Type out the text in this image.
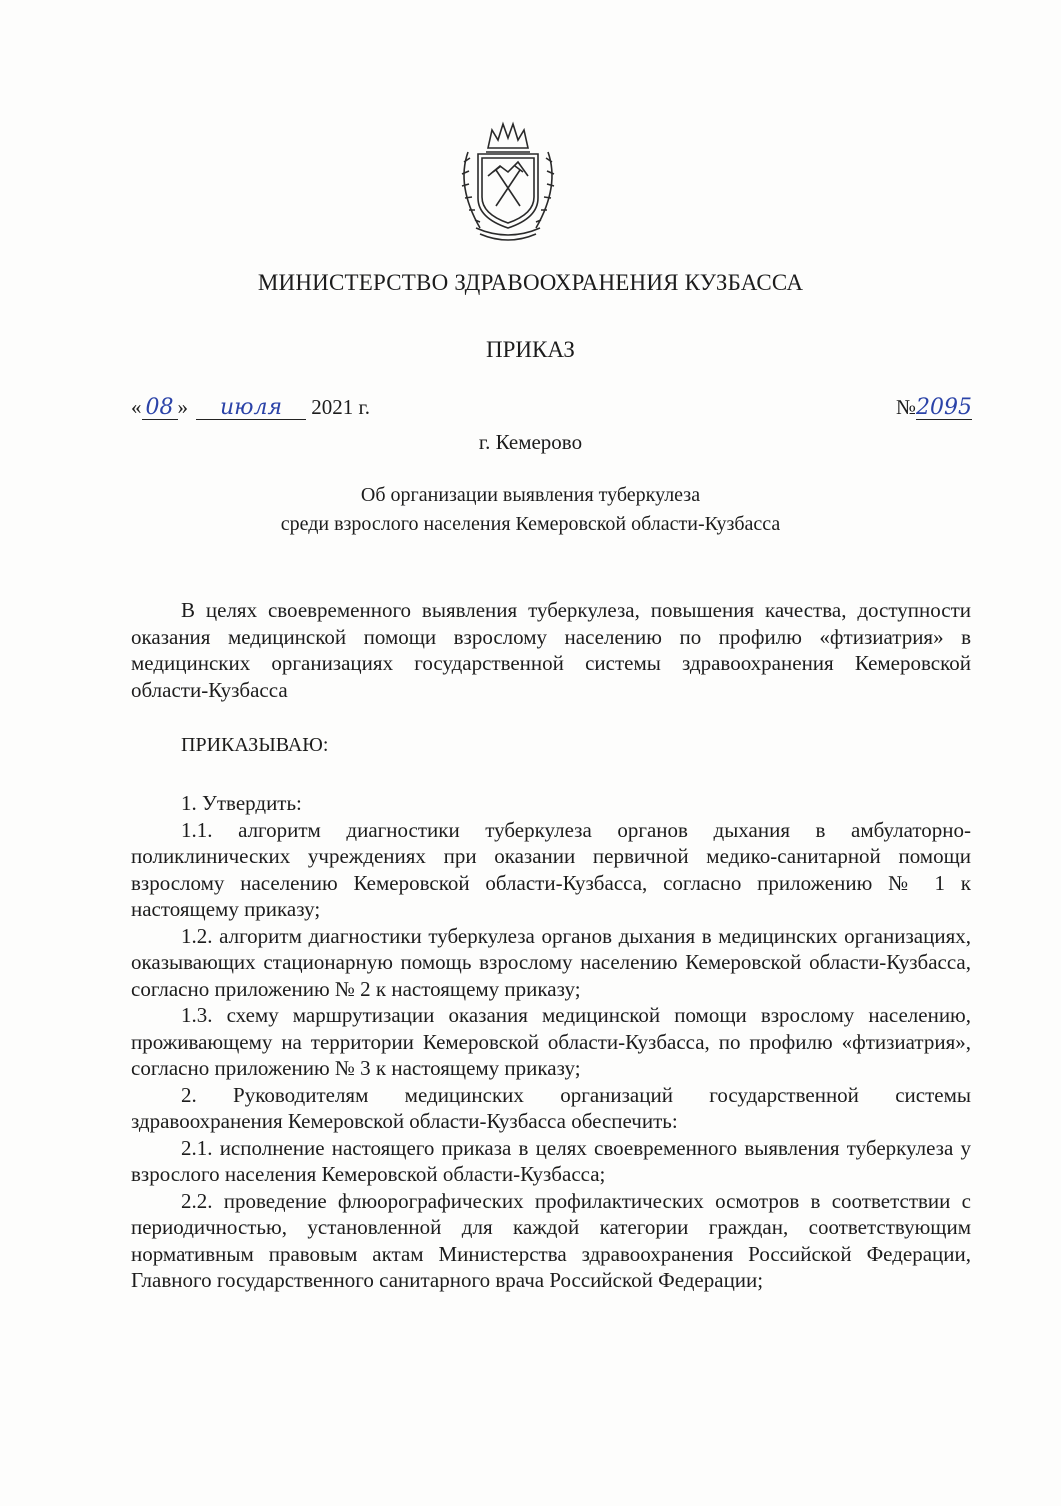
МИНИСТЕРСТВО ЗДРАВООХРАНЕНИЯ КУЗБАССА
ПРИКАЗ
« 08 » июля 2021 г.	№2095
г. Кемерово
Об организации выявления туберкулеза
среди взрослого населения Кемеровской области-Кузбасса

В целях своевременного выявления туберкулеза, повышения качества, доступности оказания медицинской помощи взрослому населению по профилю «фтизиатрия» в медицинских организациях государственной системы здравоохранения Кемеровской области-Кузбасса

ПРИКАЗЫВАЮ:

1. Утвердить:

1.1. алгоритм диагностики туберкулеза органов дыхания в амбулаторно-поликлинических учреждениях при оказании первичной медико-санитарной помощи взрослому населению Кемеровской области-Кузбасса, согласно приложению № 1 к настоящему приказу;

1.2. алгоритм диагностики туберкулеза органов дыхания в медицинских организациях, оказывающих стационарную помощь взрослому населению Кемеровской области-Кузбасса, согласно приложению № 2 к настоящему приказу;

1.3. схему маршрутизации оказания медицинской помощи взрослому населению, проживающему на территории Кемеровской области-Кузбасса, по профилю «фтизиатрия», согласно приложению № 3 к настоящему приказу;

2. Руководителям медицинских организаций государственной системы здравоохранения Кемеровской области-Кузбасса обеспечить:

2.1. исполнение настоящего приказа в целях своевременного выявления туберкулеза у взрослого населения Кемеровской области-Кузбасса;

2.2. проведение флюорографических профилактических осмотров в соответствии с периодичностью, установленной для каждой категории граждан, соответствующим нормативным правовым актам Министерства здравоохранения Российской Федерации, Главного государственного санитарного врача Российской Федерации;
